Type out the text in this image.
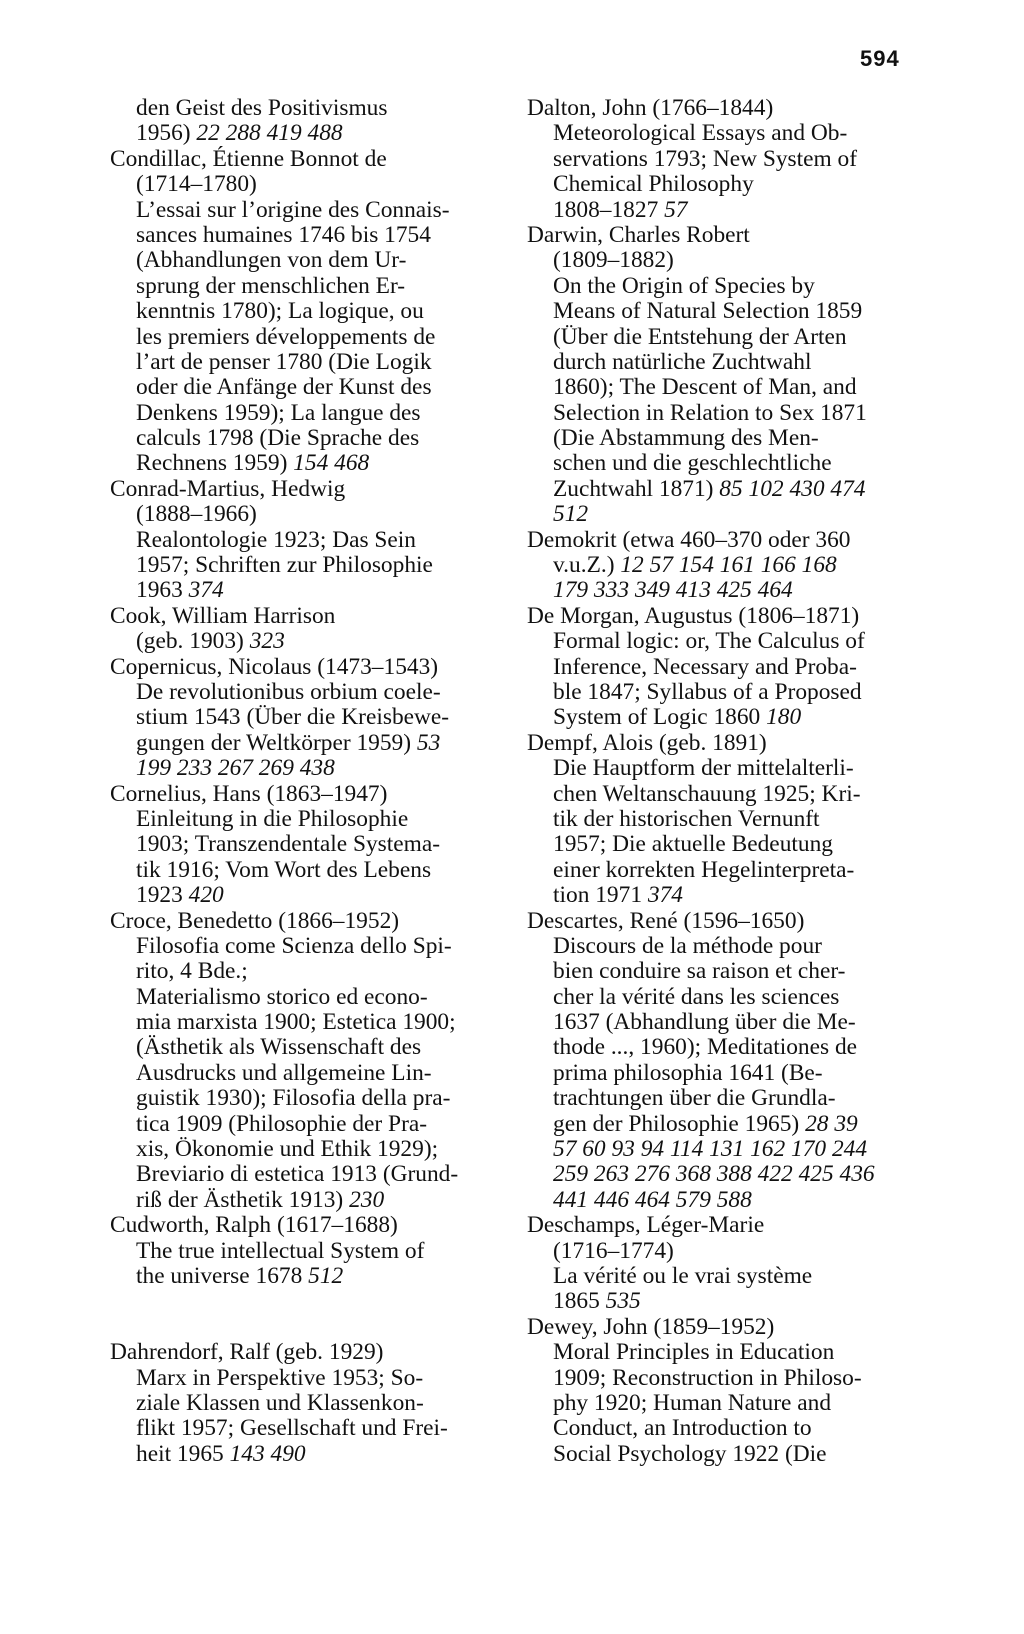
594
den Geist des Positivismus
1956) 22 288 419 488
Condillac, Étienne Bonnot de
(1714–1780)
L’essai sur l’origine des Connais-
sances humaines 1746 bis 1754
(Abhandlungen von dem Ur-
sprung der menschlichen Er-
kenntnis 1780); La logique, ou
les premiers développements de
l’art de penser 1780 (Die Logik
oder die Anfänge der Kunst des
Denkens 1959); La langue des
calculs 1798 (Die Sprache des
Rechnens 1959) 154 468
Conrad-Martius, Hedwig
(1888–1966)
Realontologie 1923; Das Sein
1957; Schriften zur Philosophie
1963 374
Cook, William Harrison
(geb. 1903) 323
Copernicus, Nicolaus (1473–1543)
De revolutionibus orbium coele-
stium 1543 (Über die Kreisbewe-
gungen der Weltkörper 1959) 53
199 233 267 269 438
Cornelius, Hans (1863–1947)
Einleitung in die Philosophie
1903; Transzendentale Systema-
tik 1916; Vom Wort des Lebens
1923 420
Croce, Benedetto (1866–1952)
Filosofia come Scienza dello Spi-
rito, 4 Bde.;
Materialismo storico ed econo-
mia marxista 1900; Estetica 1900;
(Ästhetik als Wissenschaft des
Ausdrucks und allgemeine Lin-
guistik 1930); Filosofia della pra-
tica 1909 (Philosophie der Pra-
xis, Ökonomie und Ethik 1929);
Breviario di estetica 1913 (Grund-
riß der Ästhetik 1913) 230
Cudworth, Ralph (1617–1688)
The true intellectual System of
the universe 1678 512
Dahrendorf, Ralf (geb. 1929)
Marx in Perspektive 1953; So-
ziale Klassen und Klassenkon-
flikt 1957; Gesellschaft und Frei-
heit 1965 143 490
Dalton, John (1766–1844)
Meteorological Essays and Ob-
servations 1793; New System of
Chemical Philosophy
1808–1827 57
Darwin, Charles Robert
(1809–1882)
On the Origin of Species by
Means of Natural Selection 1859
(Über die Entstehung der Arten
durch natürliche Zuchtwahl
1860); The Descent of Man, and
Selection in Relation to Sex 1871
(Die Abstammung des Men-
schen und die geschlechtliche
Zuchtwahl 1871) 85 102 430 474
512
Demokrit (etwa 460–370 oder 360
v.u.Z.) 12 57 154 161 166 168
179 333 349 413 425 464
De Morgan, Augustus (1806–1871)
Formal logic: or, The Calculus of
Inference, Necessary and Proba-
ble 1847; Syllabus of a Proposed
System of Logic 1860 180
Dempf, Alois (geb. 1891)
Die Hauptform der mittelalterli-
chen Weltanschauung 1925; Kri-
tik der historischen Vernunft
1957; Die aktuelle Bedeutung
einer korrekten Hegelinterpreta-
tion 1971 374
Descartes, René (1596–1650)
Discours de la méthode pour
bien conduire sa raison et cher-
cher la vérité dans les sciences
1637 (Abhandlung über die Me-
thode ..., 1960); Meditationes de
prima philosophia 1641 (Be-
trachtungen über die Grundla-
gen der Philosophie 1965) 28 39
57 60 93 94 114 131 162 170 244
259 263 276 368 388 422 425 436
441 446 464 579 588
Deschamps, Léger-Marie
(1716–1774)
La vérité ou le vrai système
1865 535
Dewey, John (1859–1952)
Moral Principles in Education
1909; Reconstruction in Philoso-
phy 1920; Human Nature and
Conduct, an Introduction to
Social Psychology 1922 (Die
